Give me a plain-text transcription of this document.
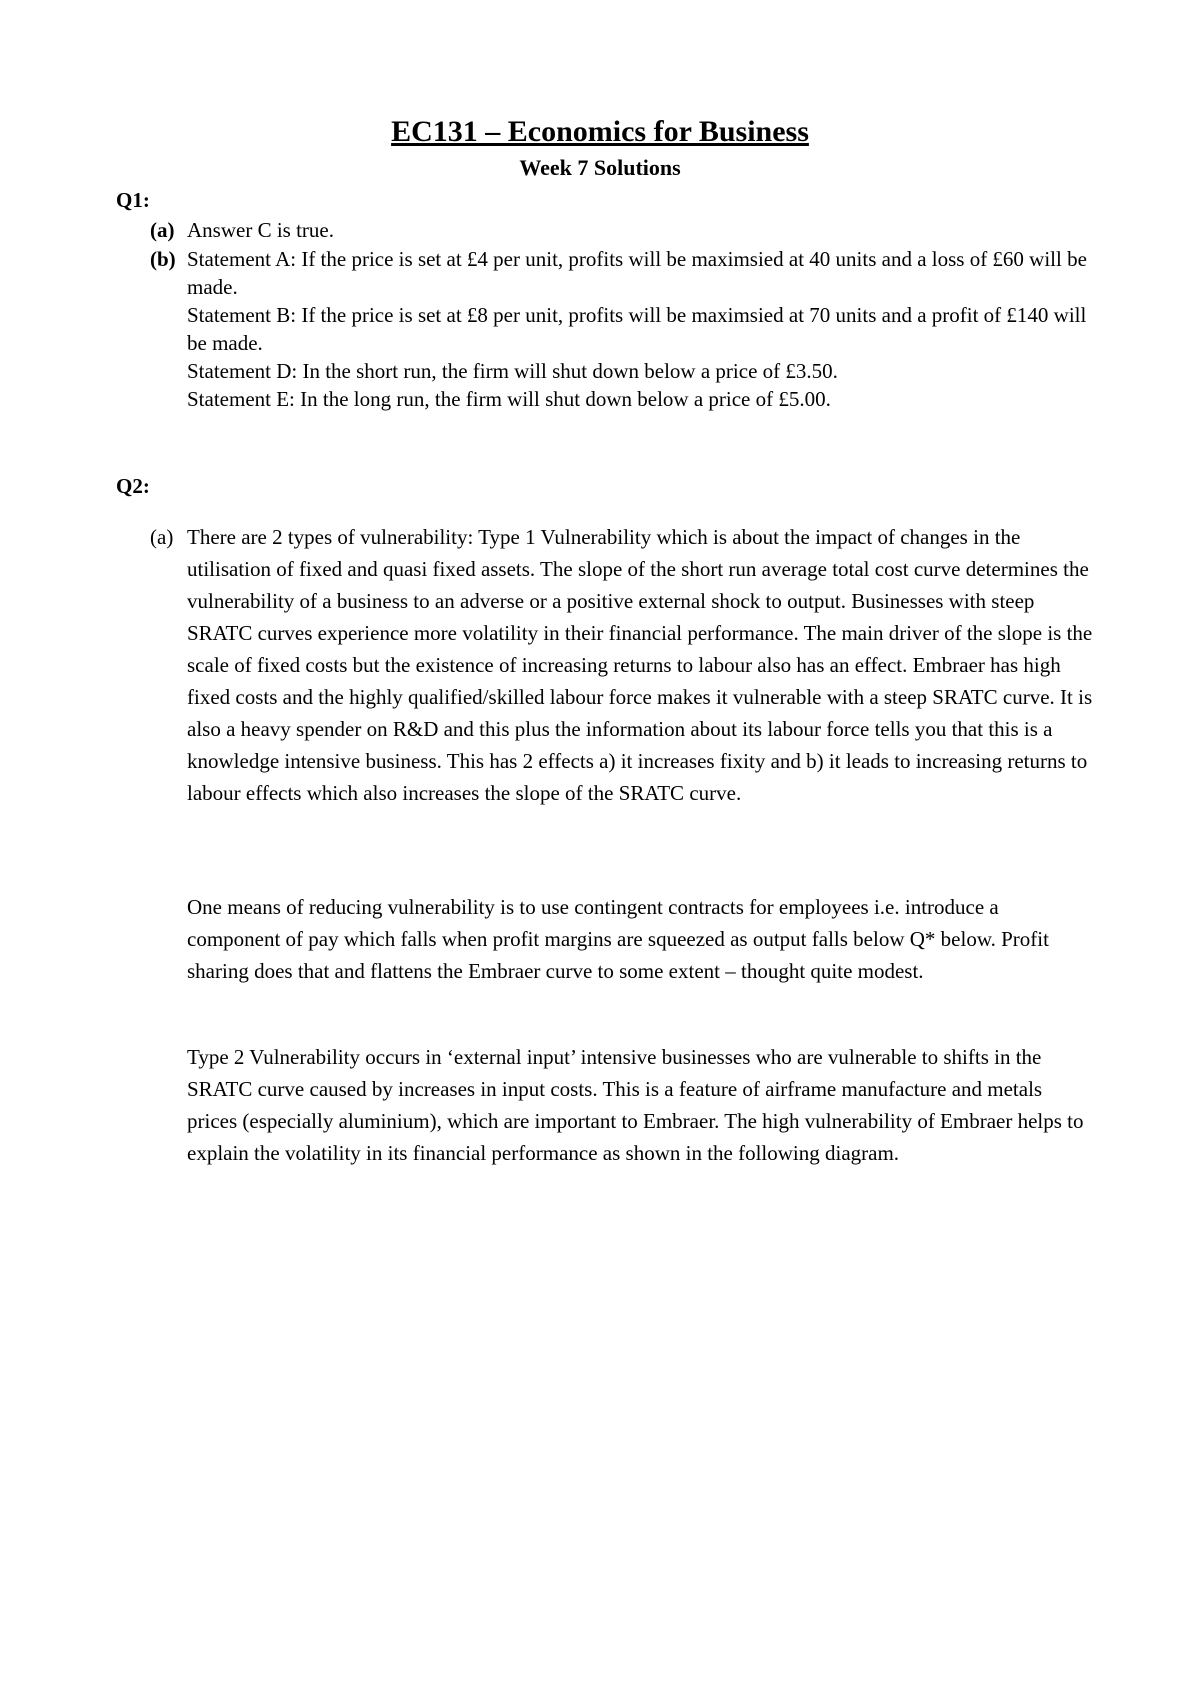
EC131 – Economics for Business
Week 7 Solutions
Q1:
(a) Answer C is true.

(b) Statement A: If the price is set at £4 per unit, profits will be maximsied at 40 units and a loss of £60 will be made.

Statement B: If the price is set at £8 per unit, profits will be maximsied at 70 units and a profit of £140 will be made.

Statement D: In the short run, the firm will shut down below a price of £3.50.

Statement E: In the long run, the firm will shut down below a price of £5.00.

Q2:
(a) There are 2 types of vulnerability: Type 1 Vulnerability which is about the impact of changes in the utilisation of fixed and quasi fixed assets. The slope of the short run average total cost curve determines the vulnerability of a business to an adverse or a positive external shock to output. Businesses with steep SRATC curves experience more volatility in their financial performance. The main driver of the slope is the scale of fixed costs but the existence of increasing returns to labour also has an effect. Embraer has high fixed costs and the highly qualified/skilled labour force makes it vulnerable with a steep SRATC curve. It is also a heavy spender on R&D and this plus the information about its labour force tells you that this is a knowledge intensive business. This has 2 effects a) it increases fixity and b) it leads to increasing returns to labour effects which also increases the slope of the SRATC curve.

One means of reducing vulnerability is to use contingent contracts for employees i.e. introduce a component of pay which falls when profit margins are squeezed as output falls below Q* below. Profit sharing does that and flattens the Embraer curve to some extent – thought quite modest.

Type 2 Vulnerability occurs in ‘external input’ intensive businesses who are vulnerable to shifts in the SRATC curve caused by increases in input costs. This is a feature of airframe manufacture and metals prices (especially aluminium), which are important to Embraer. The high vulnerability of Embraer helps to explain the volatility in its financial performance as shown in the following diagram.
